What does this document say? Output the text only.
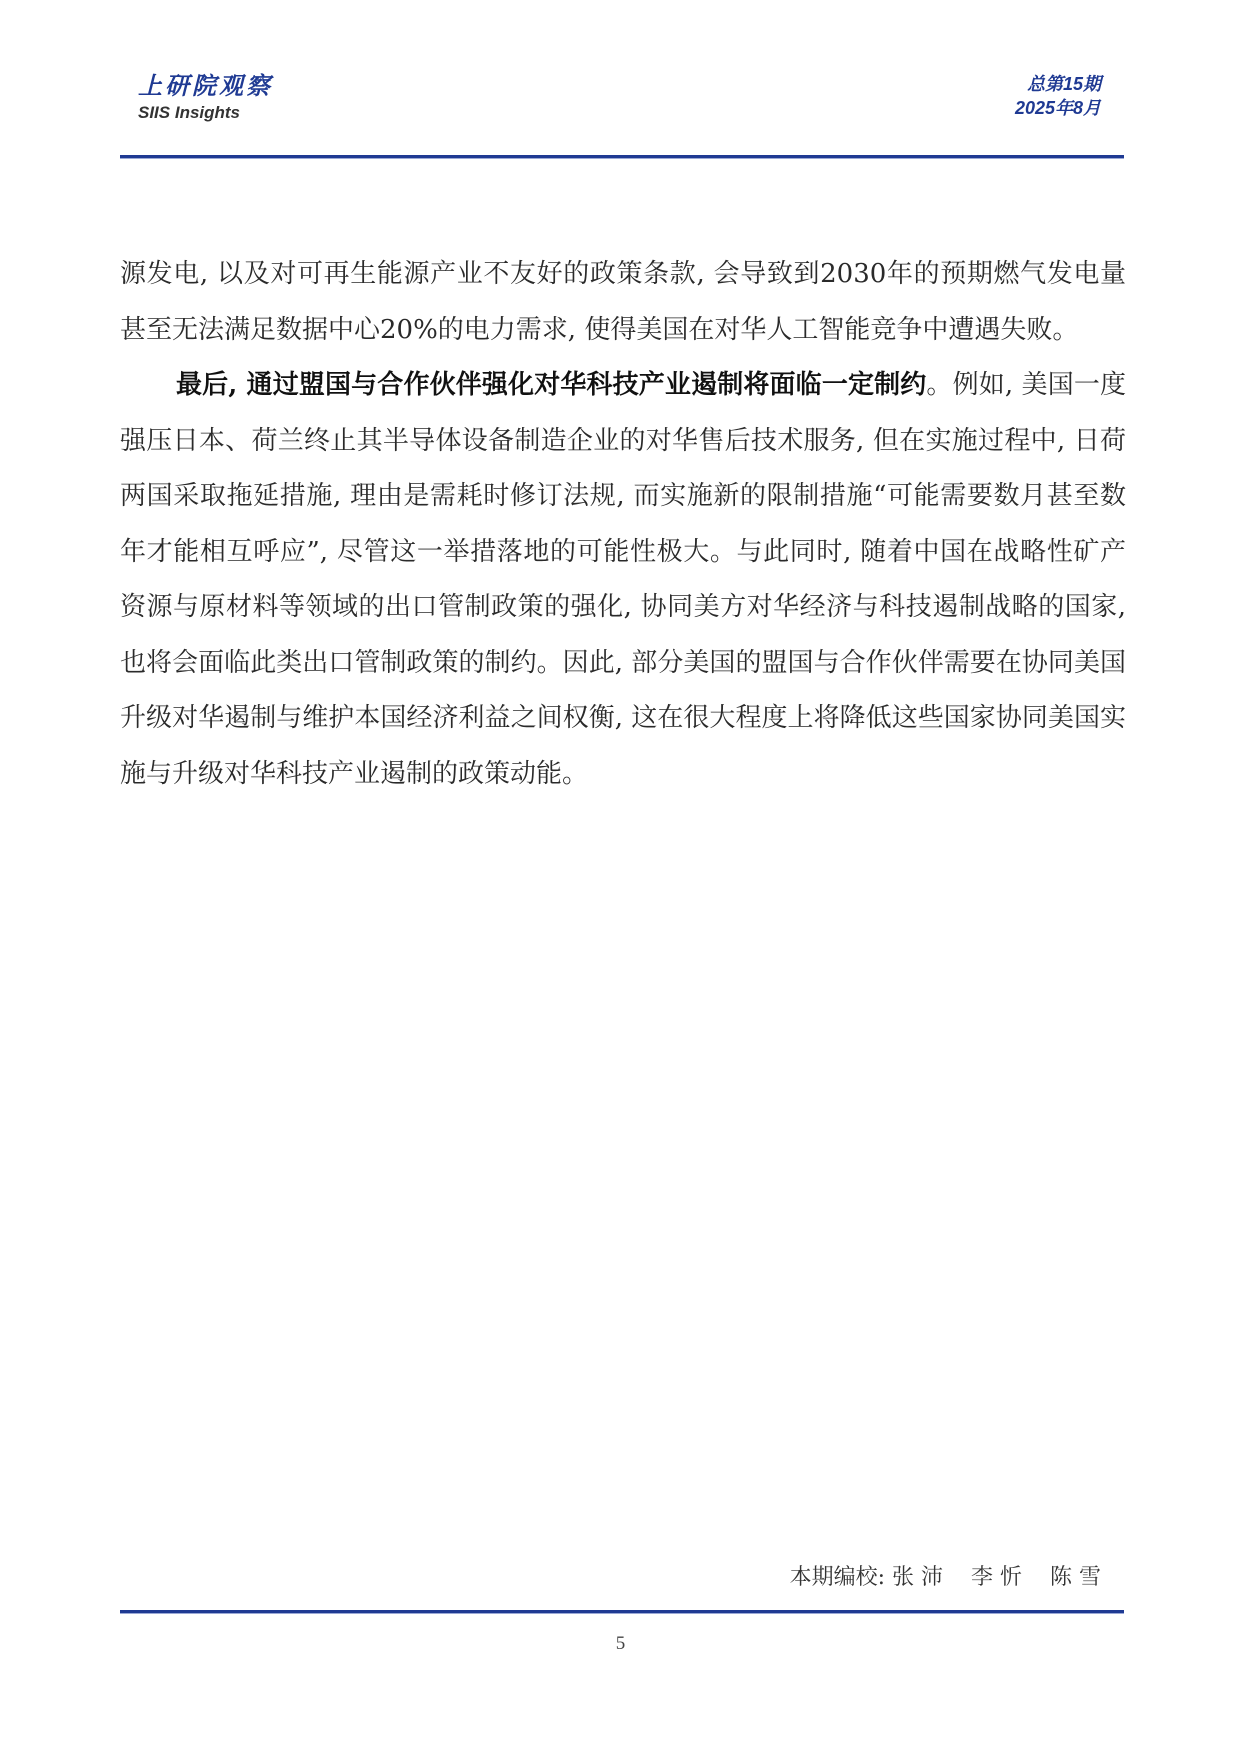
上研院观察
SIIS Insights
总第15期
2025年8月

源发电, 以及对可再生能源产业不友好的政策条款, 会导致到2030年的预期燃气发电量甚至无法满足数据中心20%的电力需求, 使得美国在对华人工智能竞争中遭遇失败。

最后, 通过盟国与合作伙伴强化对华科技产业遏制将面临一定制约。例如, 美国一度强压日本、荷兰终止其半导体设备制造企业的对华售后技术服务, 但在实施过程中, 日荷两国采取拖延措施, 理由是需耗时修订法规, 而实施新的限制措施“可能需要数月甚至数年才能相互呼应”, 尽管这一举措落地的可能性极大。与此同时, 随着中国在战略性矿产资源与原材料等领域的出口管制政策的强化, 协同美方对华经济与科技遏制战略的国家, 也将会面临此类出口管制政策的制约。因此, 部分美国的盟国与合作伙伴需要在协同美国升级对华遏制与维护本国经济利益之间权衡, 这在很大程度上将降低这些国家协同美国实施与升级对华科技产业遏制的政策动能。

本期编校: 张 沛    李 忻    陈 雪
5
